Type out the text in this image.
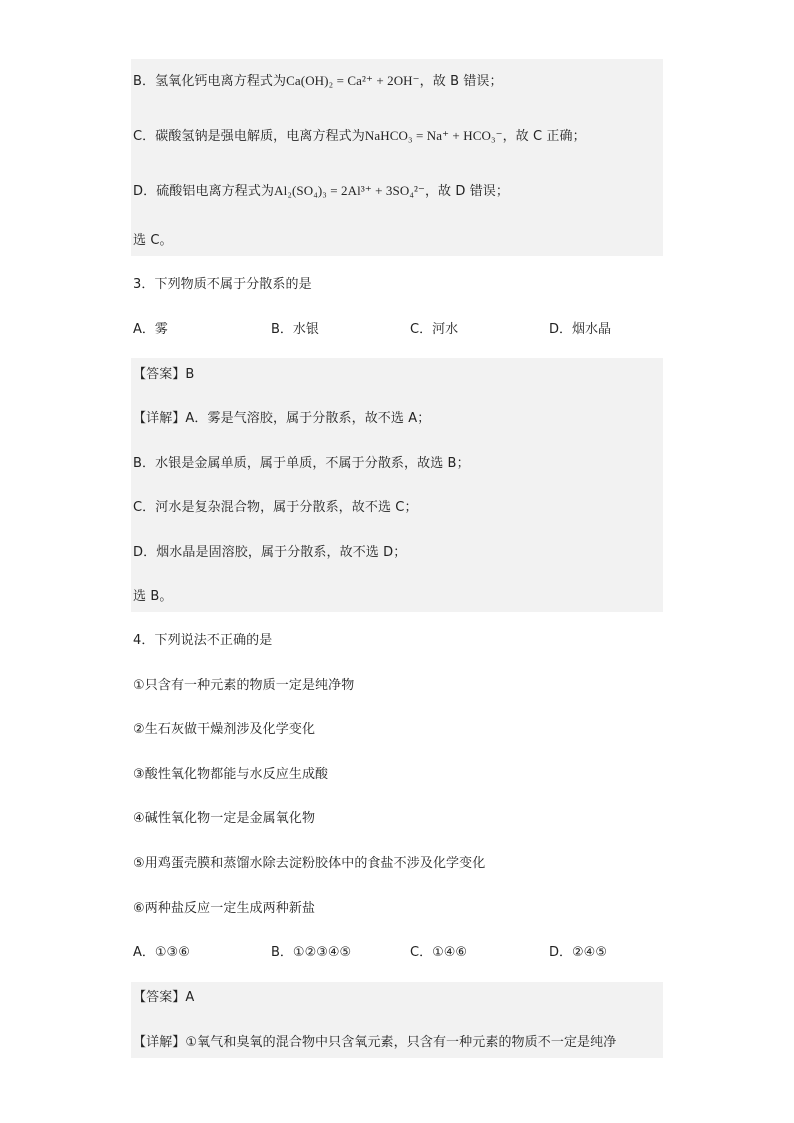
B．氢氧化钙电离方程式为Ca(OH)₂ = Ca²⁺ + 2OH⁻，故 B 错误；
C．碳酸氢钠是强电解质，电离方程式为NaHCO₃ = Na⁺ + HCO₃⁻，故 C 正确；
D．硫酸铝电离方程式为Al₂(SO₄)₃ = 2Al³⁺ + 3SO₄²⁻，故 D 错误；
选 C。
3．下列物质不属于分散系的是
A．雾	B．水银	C．河水	D．烟水晶
【答案】B
【详解】A．雾是气溶胶，属于分散系，故不选 A；
B．水银是金属单质，属于单质，不属于分散系，故选 B；
C．河水是复杂混合物，属于分散系，故不选 C；
D．烟水晶是固溶胶，属于分散系，故不选 D；
选 B。
4．下列说法不正确的是
①只含有一种元素的物质一定是纯净物
②生石灰做干燥剂涉及化学变化
③酸性氧化物都能与水反应生成酸
④碱性氧化物一定是金属氧化物
⑤用鸡蛋壳膜和蒸馏水除去淀粉胶体中的食盐不涉及化学变化
⑥两种盐反应一定生成两种新盐
A．①③⑥	B．①②③④⑤	C．①④⑥	D．②④⑤
【答案】A
【详解】①氧气和臭氧的混合物中只含氧元素，只含有一种元素的物质不一定是纯净
